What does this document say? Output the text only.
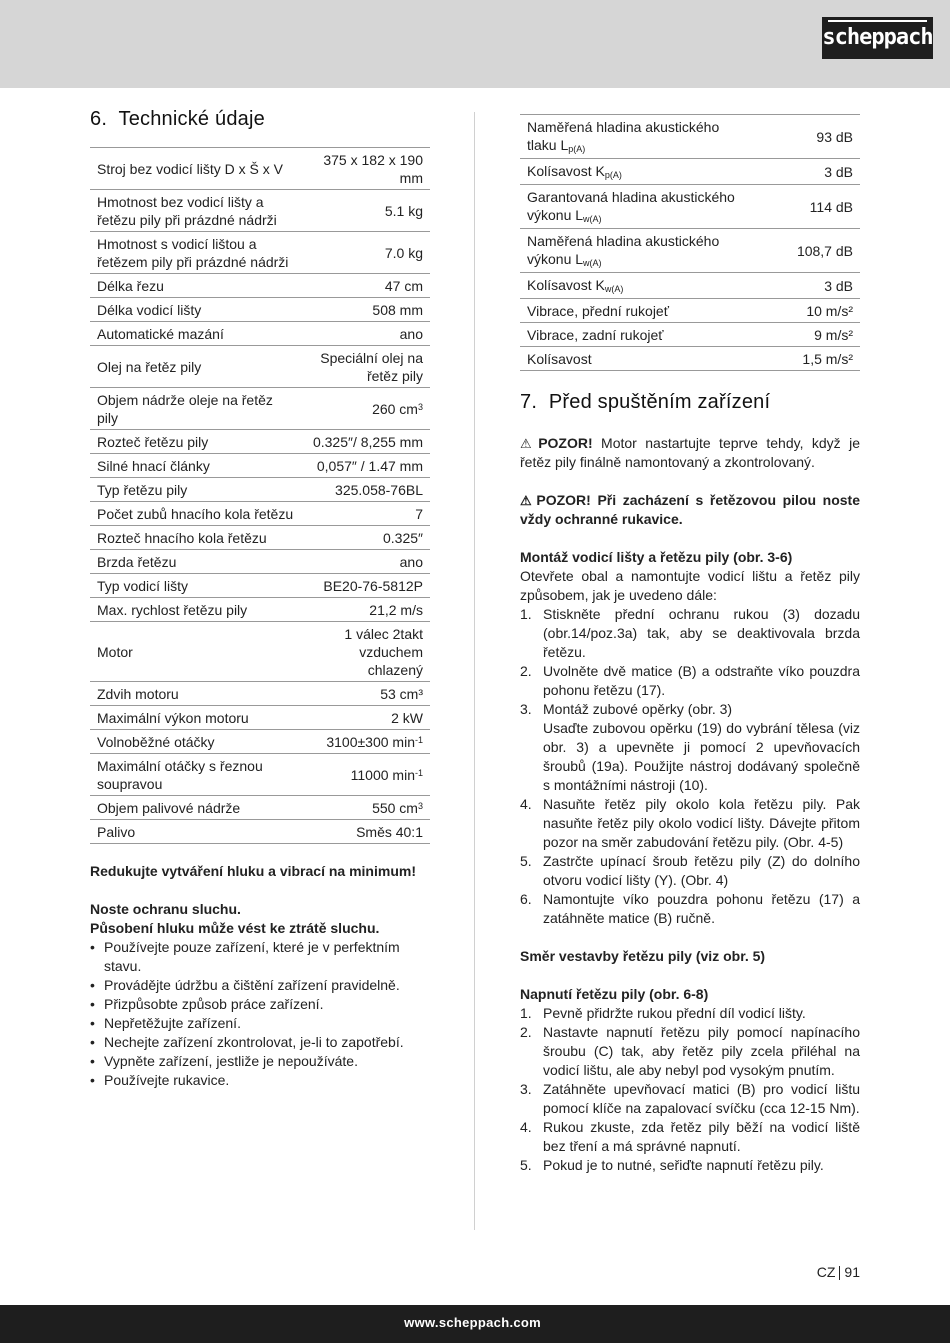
scheppach
6. Technické údaje
Stroj bez vodicí lišty D x Š x V	375 x 182 x 190 mm
Hmotnost bez vodicí lišty a řetězu pily při prázdné nádrži	5.1 kg
Hmotnost s vodicí lištou a řetězem pily při prázdné nádrži	7.0 kg
Délka řezu	47 cm
Délka vodicí lišty	508 mm
Automatické mazání	ano
Olej na řetěz pily	Speciální olej na řetěz pily
Objem nádrže oleje na řetěz pily	260 $cm^3$
Rozteč řetězu pily	0.325″/ 8,255 mm
Silné hnací články	0,057″ / 1.47 mm
Typ řetězu pily	325.058-76BL
Počet zubů hnacího kola řetězu	7
Rozteč hnacího kola řetězu	0.325″
Brzda řetězu	ano
Typ vodicí lišty	BE20-76-5812P
Max. rychlost řetězu pily	21,2 m/s
Motor	1 válec 2takt vzduchem chlazený
Zdvih motoru	53 cm³
Maximální výkon motoru	2 kW
Volnoběžné otáčky	3100±300 $\min^{-1}$
Maximální otáčky s řeznou soupravou	11000 $\min^{-1}$
Objem palivové nádrže	550 $cm^3$
Palivo	Směs 40:1

Redukujte vytváření hluku a vibrací na minimum!

Noste ochranu sluchu.

Působení hluku může vést ke ztrátě sluchu.

• Používejte pouze zařízení, které je v perfektním stavu.
• Provádějte údržbu a čištění zařízení pravidelně.
• Přizpůsobte způsob práce zařízení.
• Nepřetěžujte zařízení.
• Nechejte zařízení zkontrolovat, je-li to zapotřebí.
• Vypněte zařízení, jestliže je nepoužíváte.
• Používejte rukavice.
Naměřená hladina akustického tlaku $L_{p(A)}$	93 dB
Kolísavost $K_{p(A)}$	3 dB
Garantovaná hladina akustického výkonu $L_{w(A)}$	114 dB
Naměřená hladina akustického výkonu $L_{w(A)}$	108,7 dB
Kolísavost $K_{w(A)}$	3 dB
Vibrace, přední rukojeť	10 m/s²
Vibrace, zadní rukojeť	9 m/s²
Kolísavost	1,5 m/s²
7. Před spuštěním zařízení

⚠ POZOR! Motor nastartujte teprve tehdy, když je řetěz pily finálně namontovaný a zkontrolovaný.

⚠ POZOR! Při zacházení s řetězovou pilou noste vždy ochranné rukavice.

Montáž vodicí lišty a řetězu pily (obr. 3-6)

Otevřete obal a namontujte vodicí lištu a řetěz pily způsobem, jak je uvedeno dále:

1. Stiskněte přední ochranu rukou (3) dozadu (obr.14/poz.3a) tak, aby se deaktivovala brzda řetězu.
2. Uvolněte dvě matice (B) a odstraňte víko pouzdra pohonu řetězu (17).
3. Montáž zubové opěrky (obr. 3)
Usaďte zubovou opěrku (19) do vybrání tělesa (viz obr. 3) a upevněte ji pomocí 2 upevňovacích šroubů (19a). Použijte nástroj dodávaný společně s montážními nástroji (10).
4. Nasuňte řetěz pily okolo kola řetězu pily. Pak nasuňte řetěz pily okolo vodicí lišty. Dávejte přitom pozor na směr zabudování řetězu pily. (Obr. 4-5)
5. Zastrčte upínací šroub řetězu pily (Z) do dolního otvoru vodicí lišty (Y). (Obr. 4)
6. Namontujte víko pouzdra pohonu řetězu (17) a zatáhněte matice (B) ručně.

Směr vestavby řetězu pily (viz obr. 5)

Napnutí řetězu pily (obr. 6-8)

1. Pevně přidržte rukou přední díl vodicí lišty.
2. Nastavte napnutí řetězu pily pomocí napínacího šroubu (C) tak, aby řetěz pily zcela přiléhal na vodicí lištu, ale aby nebyl pod vysokým pnutím.
3. Zatáhněte upevňovací matici (B) pro vodicí lištu pomocí klíče na zapalovací svíčku (cca 12-15 Nm).
4. Rukou zkuste, zda řetěz pily běží na vodicí liště bez tření a má správné napnutí.
5. Pokud je to nutné, seřiďte napnutí řetězu pily.
CZ 91
www.scheppach.com
